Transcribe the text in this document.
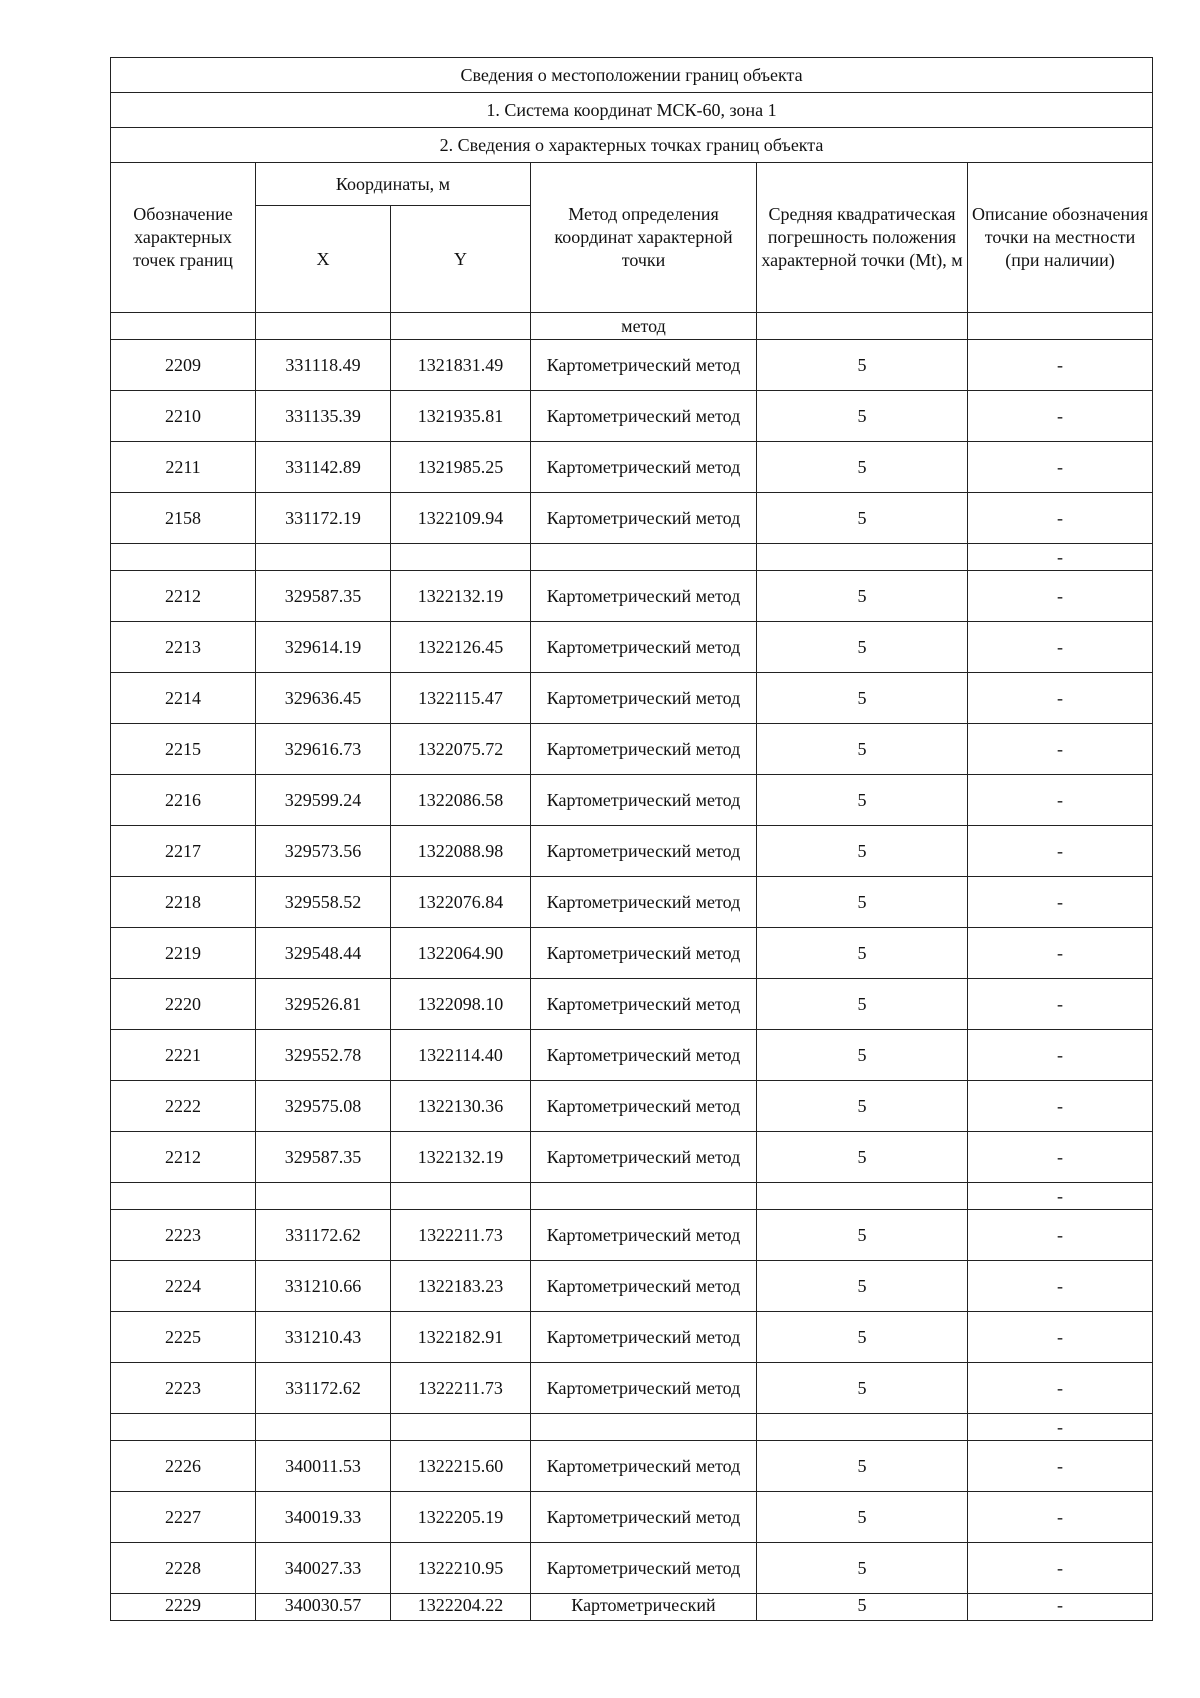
Сведения о местоположении границ объекта					
1. Система координат МСК-60, зона 1					
2. Сведения о характерных точках границ объекта					
Обозначение характерных точек границ	Координаты, м		Метод определения координат характерной точки	Средняя квадратическая погрешность положения характерной точки (Mt), м	Описание обозначения точки на местности (при наличии)
	X	Y			
			метод		
2209	331118.49	1321831.49	Картометрический метод	5	-
2210	331135.39	1321935.81	Картометрический метод	5	-
2211	331142.89	1321985.25	Картометрический метод	5	-
2158	331172.19	1322109.94	Картометрический метод	5	-
					-
2212	329587.35	1322132.19	Картометрический метод	5	-
2213	329614.19	1322126.45	Картометрический метод	5	-
2214	329636.45	1322115.47	Картометрический метод	5	-
2215	329616.73	1322075.72	Картометрический метод	5	-
2216	329599.24	1322086.58	Картометрический метод	5	-
2217	329573.56	1322088.98	Картометрический метод	5	-
2218	329558.52	1322076.84	Картометрический метод	5	-
2219	329548.44	1322064.90	Картометрический метод	5	-
2220	329526.81	1322098.10	Картометрический метод	5	-
2221	329552.78	1322114.40	Картометрический метод	5	-
2222	329575.08	1322130.36	Картометрический метод	5	-
2212	329587.35	1322132.19	Картометрический метод	5	-
					-
2223	331172.62	1322211.73	Картометрический метод	5	-
2224	331210.66	1322183.23	Картометрический метод	5	-
2225	331210.43	1322182.91	Картометрический метод	5	-
2223	331172.62	1322211.73	Картометрический метод	5	-
					-
2226	340011.53	1322215.60	Картометрический метод	5	-
2227	340019.33	1322205.19	Картометрический метод	5	-
2228	340027.33	1322210.95	Картометрический метод	5	-
2229	340030.57	1322204.22	Картометрический	5	-
